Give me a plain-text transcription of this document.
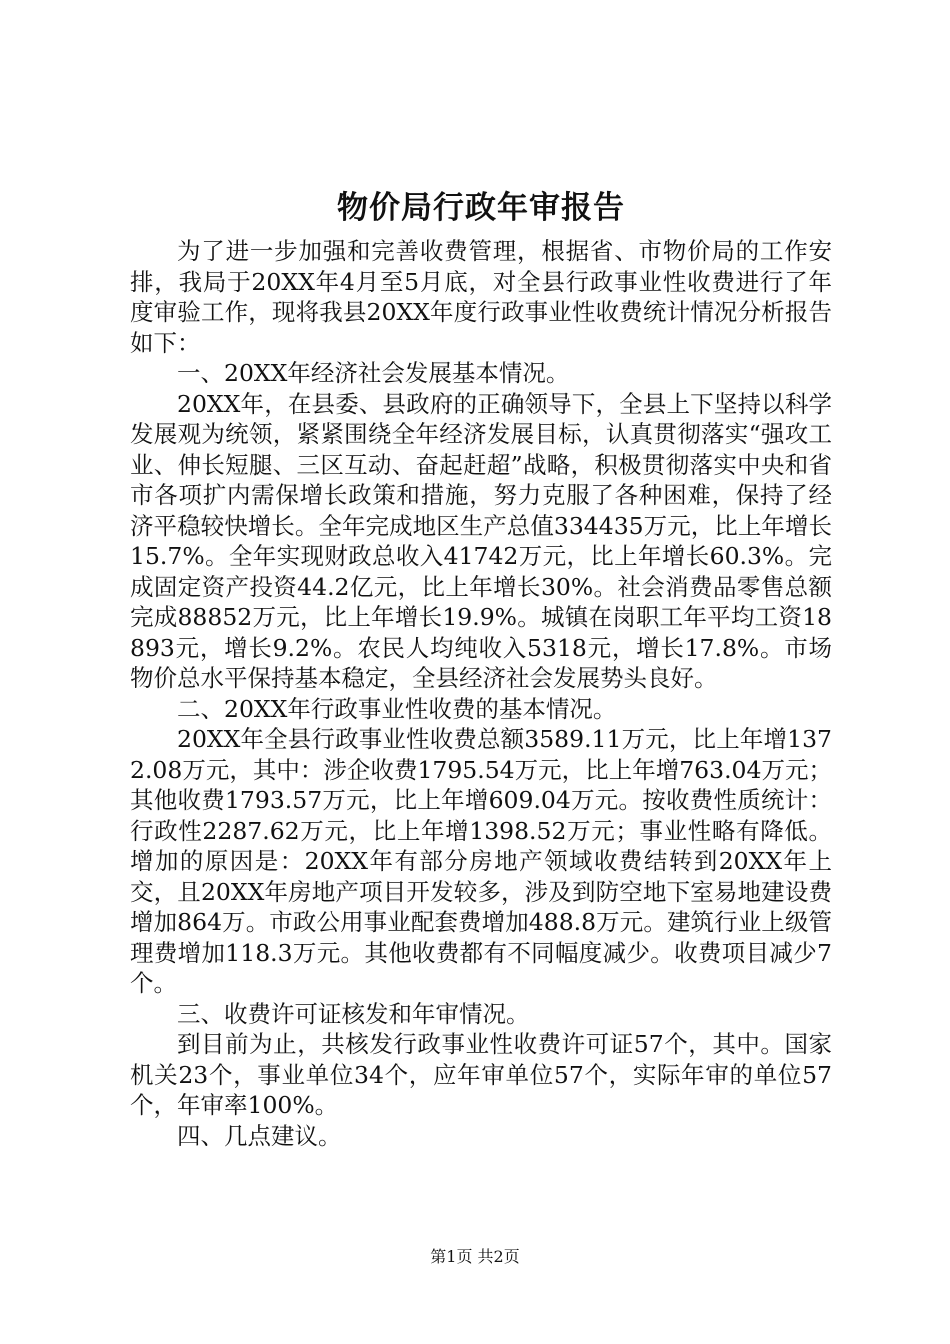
物价局行政年审报告

为了进一步加强和完善收费管理，根据省、市物价局的工作安排，我局于20XX年4月至5月底，对全县行政事业性收费进行了年度审验工作，现将我县20XX年度行政事业性收费统计情况分析报告如下：

一、20XX年经济社会发展基本情况。

20XX年，在县委、县政府的正确领导下，全县上下坚持以科学发展观为统领，紧紧围绕全年经济发展目标，认真贯彻落实“强攻工业、伸长短腿、三区互动、奋起赶超”战略，积极贯彻落实中央和省市各项扩内需保增长政策和措施，努力克服了各种困难，保持了经济平稳较快增长。全年完成地区生产总值334435万元，比上年增长15.7%。全年实现财政总收入41742万元，比上年增长60.3%。完成固定资产投资44.2亿元，比上年增长30%。社会消费品零售总额完成88852万元，比上年增长19.9%。城镇在岗职工年平均工资18893元，增长9.2%。农民人均纯收入5318元，增长17.8%。市场物价总水平保持基本稳定，全县经济社会发展势头良好。

二、20XX年行政事业性收费的基本情况。

20XX年全县行政事业性收费总额3589.11万元，比上年增1372.08万元，其中：涉企收费1795.54万元，比上年增763.04万元；其他收费1793.57万元，比上年增609.04万元。按收费性质统计：行政性2287.62万元，比上年增1398.52万元；事业性略有降低。增加的原因是：20XX年有部分房地产领域收费结转到20XX年上交，且20XX年房地产项目开发较多，涉及到防空地下室易地建设费增加864万。市政公用事业配套费增加488.8万元。建筑行业上级管理费增加118.3万元。其他收费都有不同幅度减少。收费项目减少7个。

三、收费许可证核发和年审情况。

到目前为止，共核发行政事业性收费许可证57个，其中。国家机关23个，事业单位34个，应年审单位57个，实际年审的单位57个，年审率100%。

四、几点建议。

第1页 共2页
